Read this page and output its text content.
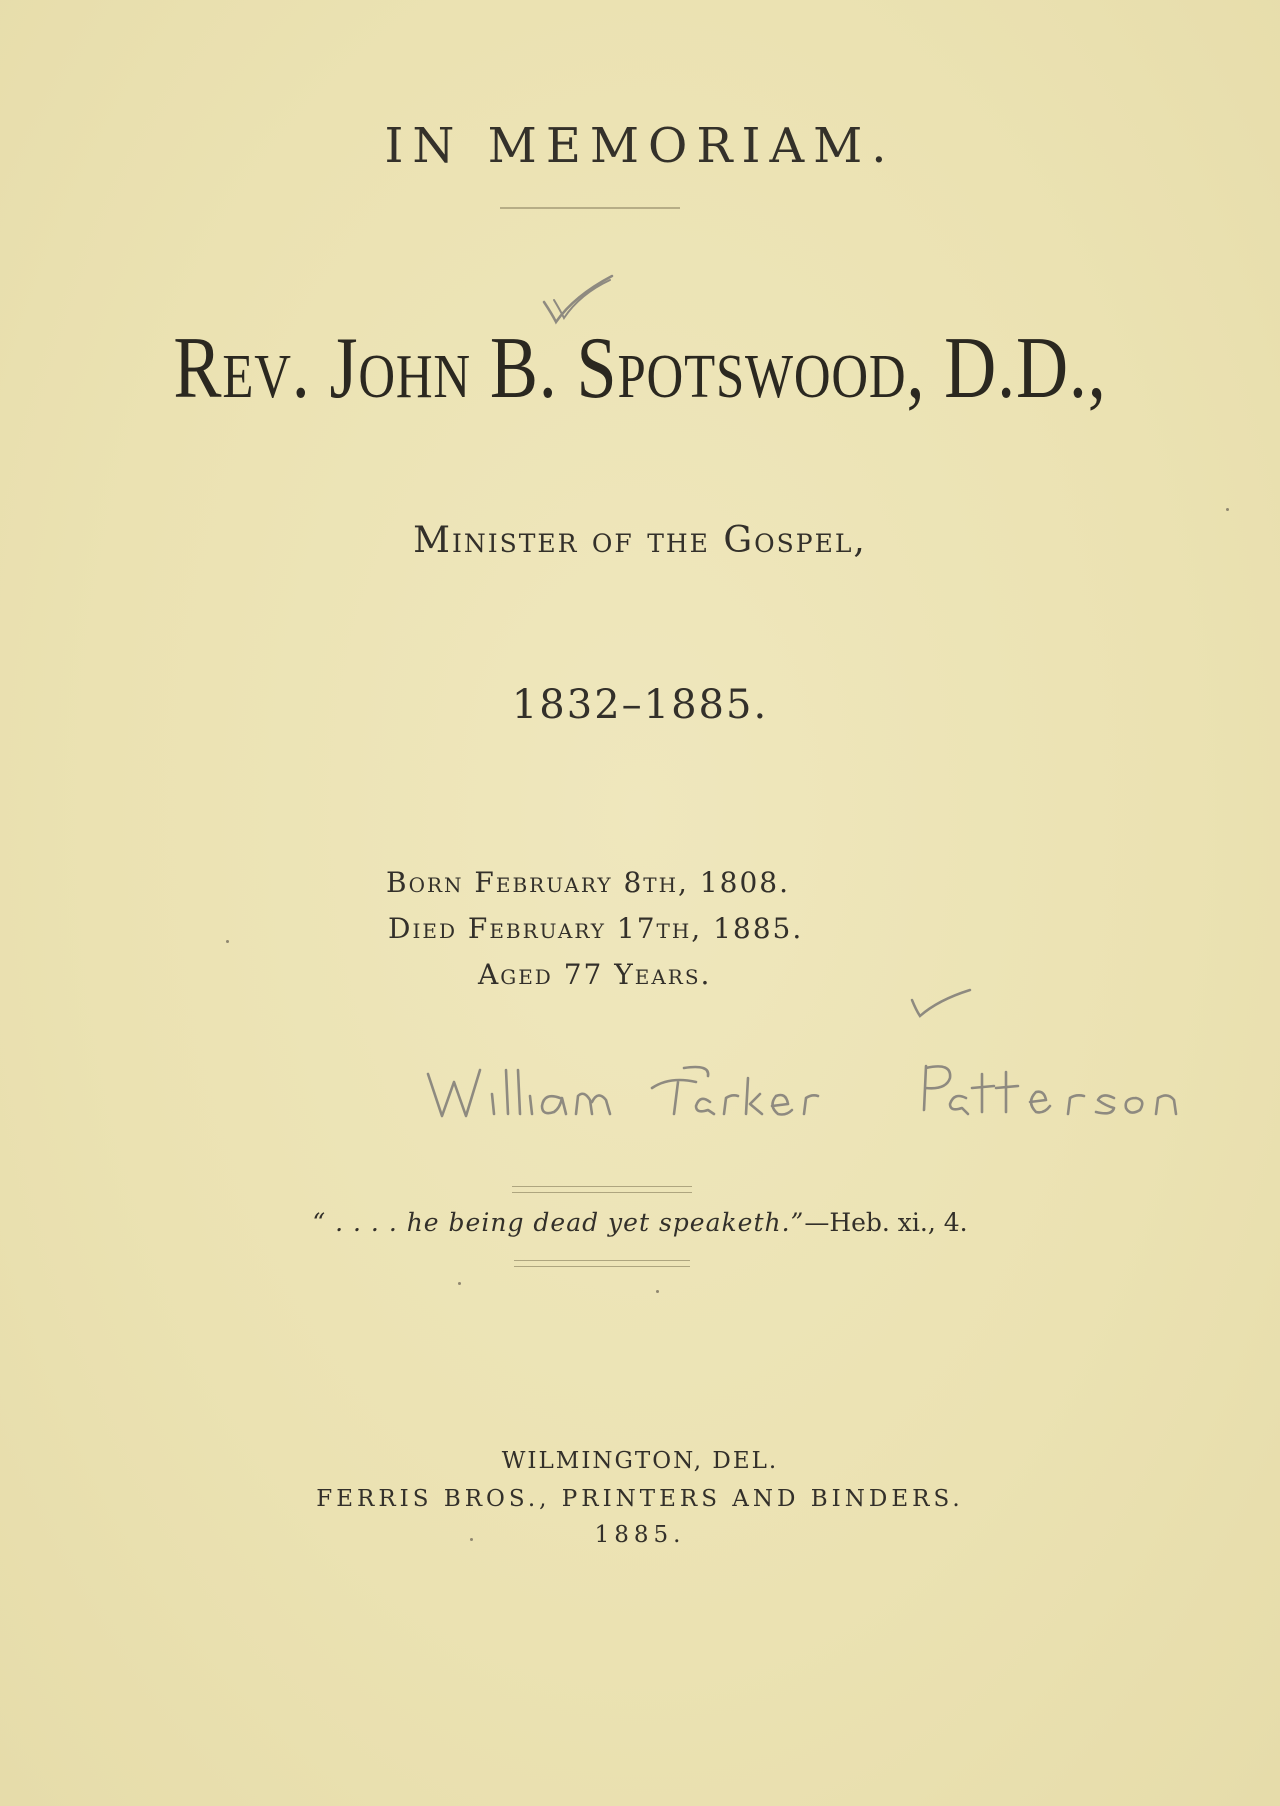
IN MEMORIAM.
Rev. John B. Spotswood, D.D.,
Minister of the Gospel,
1832–1885.
Born February 8th, 1808.
Died February 17th, 1885.
Aged 77 Years.
“ . . . . he being dead yet speaketh.”—Heb. xi., 4.
WILMINGTON, DEL.
FERRIS BROS., PRINTERS AND BINDERS.
1885.
